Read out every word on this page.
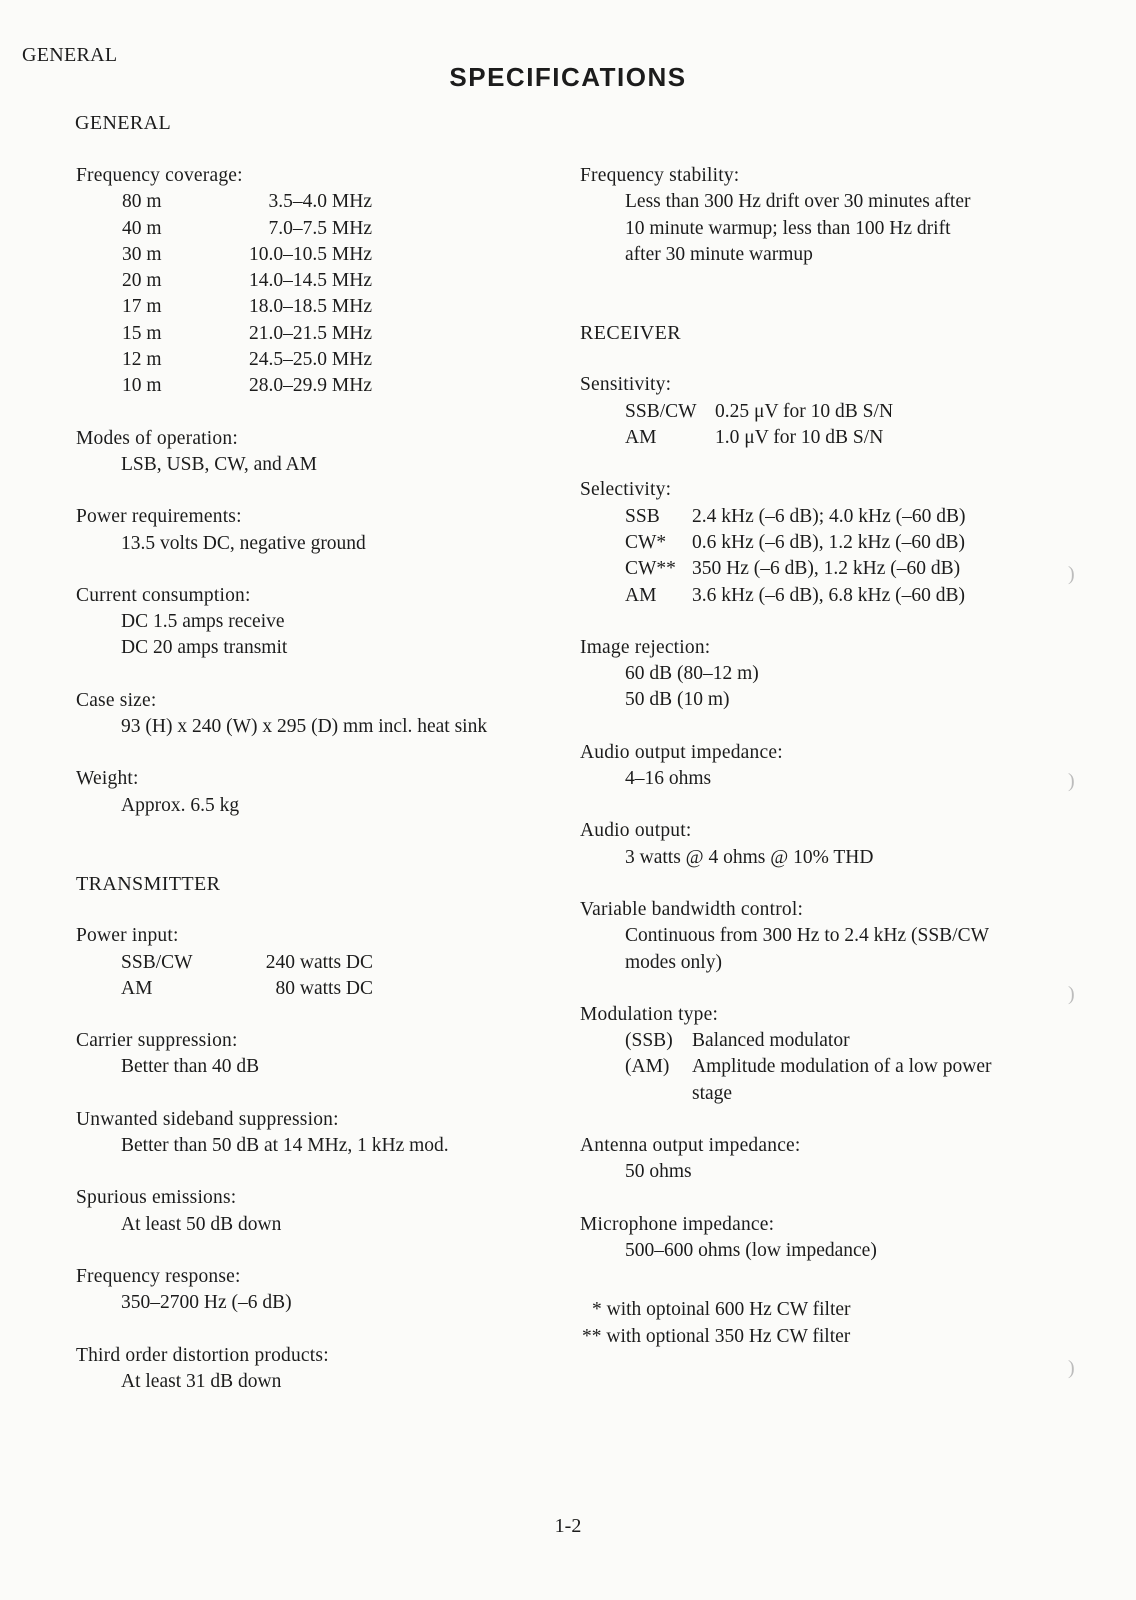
GENERAL
SPECIFICATIONS
GENERAL
Frequency coverage:
80 m	3.5–4.0 MHz
40 m	7.0–7.5 MHz
30 m	10.0–10.5 MHz
20 m	14.0–14.5 MHz
17 m	18.0–18.5 MHz
15 m	21.0–21.5 MHz
12 m	24.5–25.0 MHz
10 m	28.0–29.9 MHz
Modes of operation:
LSB, USB, CW, and AM
Power requirements:
13.5 volts DC, negative ground
Current consumption:
DC 1.5 amps receive
DC 20 amps transmit
Case size:
93 (H) x 240 (W) x 295 (D) mm incl. heat sink
Weight:
Approx. 6.5 kg
TRANSMITTER
Power input:
SSB/CW	240 watts DC
AM	80 watts DC
Carrier suppression:
Better than 40 dB
Unwanted sideband suppression:
Better than 50 dB at 14 MHz, 1 kHz mod.
Spurious emissions:
At least 50 dB down
Frequency response:
350–2700 Hz (–6 dB)
Third order distortion products:
At least 31 dB down
Frequency stability:
Less than 300 Hz drift over 30 minutes after
10 minute warmup; less than 100 Hz drift
after 30 minute warmup
RECEIVER
Sensitivity:
SSB/CW	0.25 μV for 10 dB S/N
AM	1.0 μV for 10 dB S/N
Selectivity:
SSB	2.4 kHz (–6 dB); 4.0 kHz (–60 dB)
CW*	0.6 kHz (–6 dB), 1.2 kHz (–60 dB)
CW**	350 Hz (–6 dB), 1.2 kHz (–60 dB)
AM	3.6 kHz (–6 dB), 6.8 kHz (–60 dB)
Image rejection:
60 dB (80–12 m)
50 dB (10 m)
Audio output impedance:
4–16 ohms
Audio output:
3 watts @ 4 ohms @ 10% THD
Variable bandwidth control:
Continuous from 300 Hz to 2.4 kHz (SSB/CW
modes only)
Modulation type:
(SSB)	Balanced modulator
(AM)	Amplitude modulation of a low power
	stage
Antenna output impedance:
50 ohms
Microphone impedance:
500–600 ohms (low impedance)
* with optoinal 600 Hz CW filter
** with optional 350 Hz CW filter
)
)
)
)
1-2
